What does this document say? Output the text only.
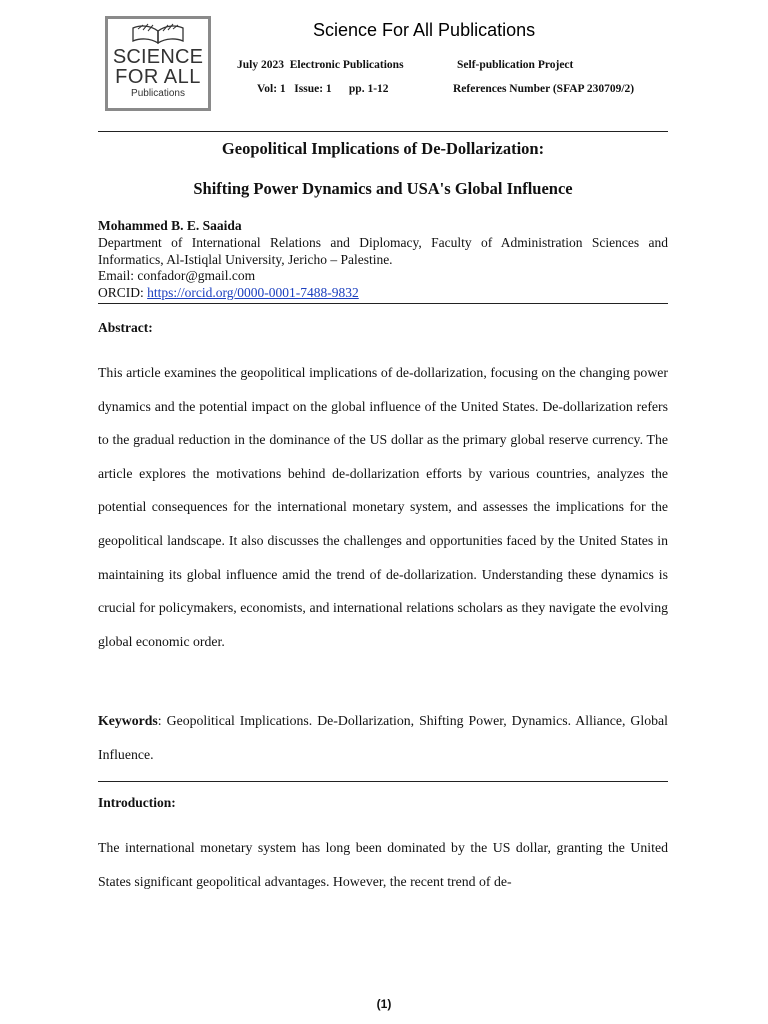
SCIENCE
FOR ALL
Publications
Science For All Publications
July 2023  Electronic Publications	Self-publication Project
Vol: 1   Issue: 1      pp. 1-12	References Number (SFAP 230709/2)
Geopolitical Implications of De-Dollarization:
Shifting Power Dynamics and USA's Global Influence
Mohammed B. E. Saaida
Department of International Relations and Diplomacy, Faculty of Administration Sciences and Informatics, Al-Istiqlal University, Jericho – Palestine.
Email: confador@gmail.com
ORCID: https://orcid.org/0000-0001-7488-9832
Abstract:
This article examines the geopolitical implications of de-dollarization, focusing on the changing power dynamics and the potential impact on the global influence of the United States. De-dollarization refers to the gradual reduction in the dominance of the US dollar as the primary global reserve currency. The article explores the motivations behind de-dollarization efforts by various countries, analyzes the potential consequences for the international monetary system, and assesses the implications for the geopolitical landscape. It also discusses the challenges and opportunities faced by the United States in maintaining its global influence amid the trend of de-dollarization. Understanding these dynamics is crucial for policymakers, economists, and international relations scholars as they navigate the evolving global economic order.
Keywords: Geopolitical Implications. De-Dollarization, Shifting Power, Dynamics. Alliance, Global Influence.
Introduction:
The international monetary system has long been dominated by the US dollar, granting the United States significant geopolitical advantages. However, the recent trend of de-
(1)
